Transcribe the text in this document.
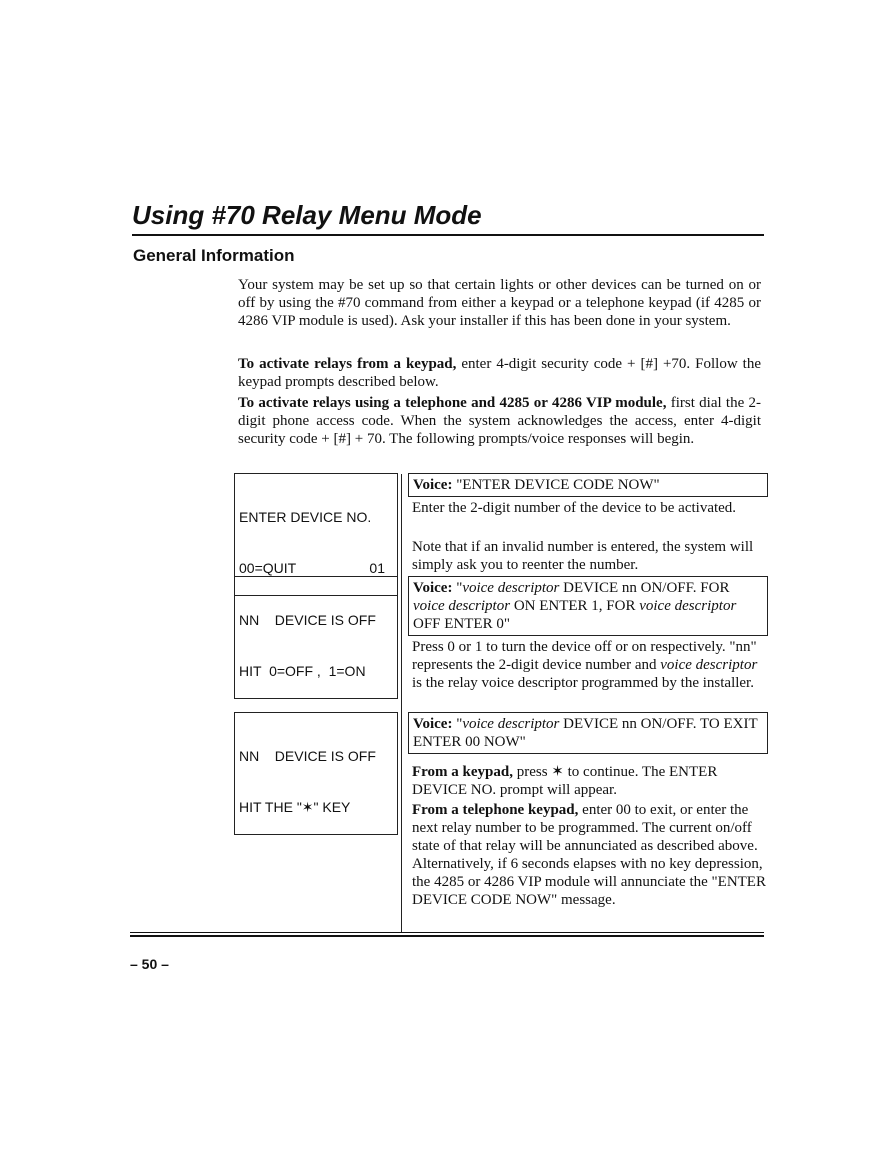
Using #70 Relay Menu Mode
General Information
Your system may be set up so that certain lights or other devices can be turned on or off by using the #70 command from either a keypad or a telephone keypad (if 4285 or 4286 VIP module is used). Ask your installer if this has been done in your system.
To activate relays from a keypad, enter 4-digit security code + [#] +70. Follow the keypad prompts described below.
To activate relays using a telephone and 4285 or 4286 VIP module, first dial the 2-digit phone access code. When the system acknowledges the access, enter 4-digit security code + [#] + 70. The following prompts/voice responses will begin.

ENTER DEVICE NO.

00=QUIT	01

Voice: "ENTER DEVICE CODE NOW"
Enter the 2-digit number of the device to be activated.
Note that if an invalid number is entered, the system will simply ask you to reenter the number.

NN    DEVICE IS OFF

HIT  0=OFF ,  1=ON

Voice: "voice descriptor DEVICE nn ON/OFF. FOR voice descriptor ON ENTER 1, FOR voice descriptor OFF ENTER 0"
Press 0 or 1 to turn the device off or on respectively. "nn" represents the 2-digit device number and voice descriptor is the relay voice descriptor programmed by the installer.

NN    DEVICE IS OFF

HIT THE "✶" KEY

Voice: "voice descriptor DEVICE nn ON/OFF. TO EXIT ENTER 00 NOW"
From a keypad, press ✶ to continue. The ENTER DEVICE NO. prompt will appear.
From a telephone keypad, enter 00 to exit, or enter the next relay number to be programmed. The current on/off state of that relay will be annunciated as described above. Alternatively, if 6 seconds elapses with no key depression, the 4285 or 4286 VIP module will annunciate the "ENTER DEVICE CODE NOW" message.
– 50 –
